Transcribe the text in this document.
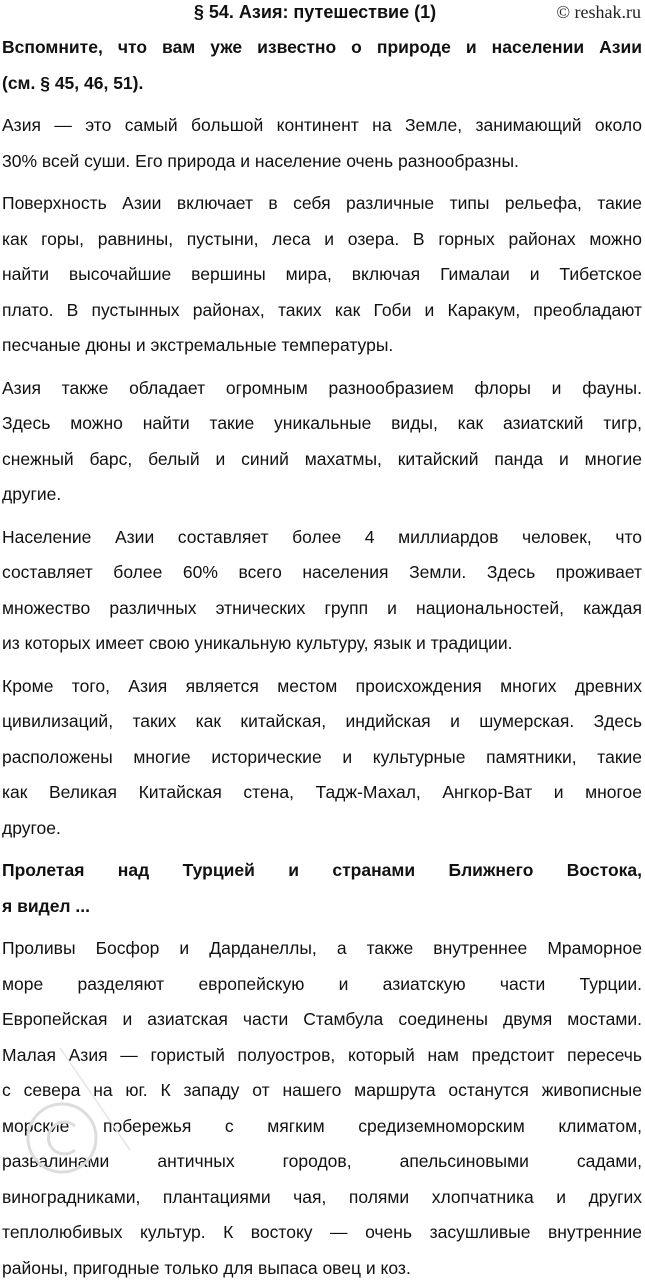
§ 54. Азия: путешествие (1)	© reshak.ru
Вспомните, что вам уже известно о природе и населении Азии
(см. § 45, 46, 51).
Азия — это самый большой континент на Земле, занимающий около
30% всей суши. Его природа и население очень разнообразны.
Поверхность Азии включает в себя различные типы рельефа, такие
как горы, равнины, пустыни, леса и озера. В горных районах можно
найти высочайшие вершины мира, включая Гималаи и Тибетское
плато. В пустынных районах, таких как Гоби и Каракум, преобладают
песчаные дюны и экстремальные температуры.
Азия также обладает огромным разнообразием флоры и фауны.
Здесь можно найти такие уникальные виды, как азиатский тигр,
снежный барс, белый и синий махатмы, китайский панда и многие
другие.
Население Азии составляет более 4 миллиардов человек, что
составляет более 60% всего населения Земли. Здесь проживает
множество различных этнических групп и национальностей, каждая
из которых имеет свою уникальную культуру, язык и традиции.
Кроме того, Азия является местом происхождения многих древних
цивилизаций, таких как китайская, индийская и шумерская. Здесь
расположены многие исторические и культурные памятники, такие
как Великая Китайская стена, Тадж-Махал, Ангкор-Ват и многое
другое.
Пролетая над Турцией и странами Ближнего Востока,
я видел ...
Проливы Босфор и Дарданеллы, а также внутреннее Мраморное
море разделяют европейскую и азиатскую части Турции.
Европейская и азиатская части Стамбула соединены двумя мостами.
Малая Азия — гористый полуостров, который нам предстоит пересечь
с севера на юг. К западу от нашего маршрута останутся живописные
морские побережья с мягким средиземноморским климатом,
развалинами античных городов, апельсиновыми садами,
виноградниками, плантациями чая, полями хлопчатника и других
теплолюбивых культур. К востоку — очень засушливые внутренние
районы, пригодные только для выпаса овец и коз.
